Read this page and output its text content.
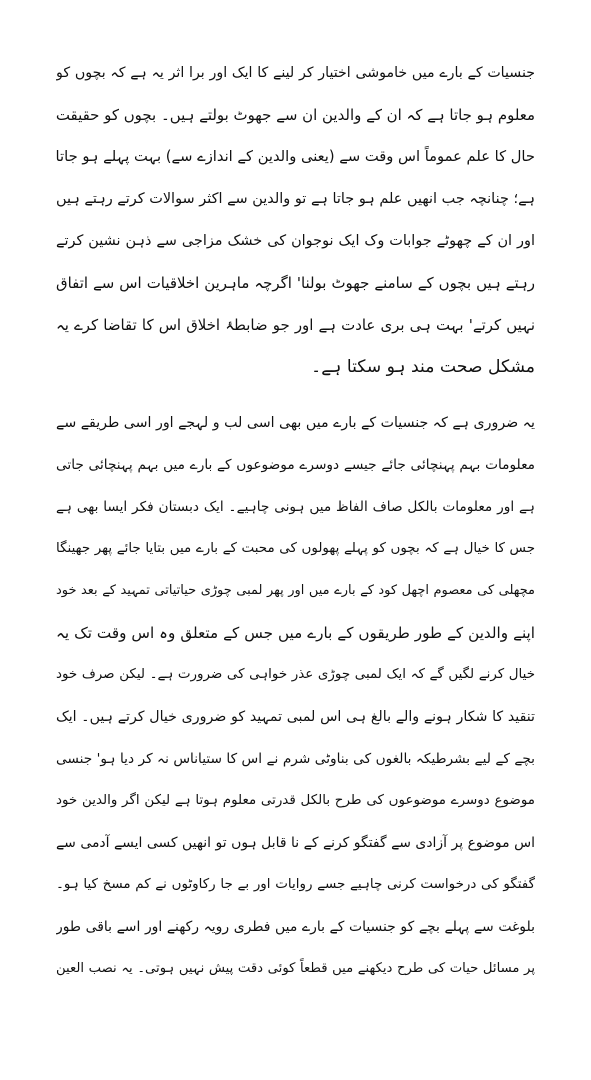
جنسیات کے بارے میں خاموشی اختیار کر لینے کا ایک اور برا اثر یہ ہے کہ بچوں کو
معلوم ہو جاتا ہے کہ ان کے والدین ان سے جھوٹ بولتے ہیں۔ بچوں کو حقیقت
حال کا علم عموماً اس وقت سے (یعنی والدین کے اندازے سے) بہت پہلے ہو جاتا
ہے؛ چنانچہ جب انھیں علم ہو جاتا ہے تو والدین سے اکثر سوالات کرتے رہتے ہیں
اور ان کے چھوٹے جوابات وک ایک نوجوان کی خشک مزاجی سے ذہن نشین کرتے
رہتے ہیں بچوں کے سامنے جھوٹ بولنا' اگرچہ ماہرین اخلاقیات اس سے اتفاق
نہیں کرتے' بہت ہی بری عادت ہے اور جو ضابطۂ اخلاق اس کا تقاضا کرے یہ
مشکل صحت مند ہو سکتا ہے۔
یہ ضروری ہے کہ جنسیات کے بارے میں بھی اسی لب و لہجے اور اسی طریقے سے
معلومات بہم پہنچائی جائے جیسے دوسرے موضوعوں کے بارے میں بہم پہنچائی جاتی
ہے اور معلومات بالکل صاف الفاظ میں ہونی چاہیے۔ ایک دبستان فکر ایسا بھی ہے
جس کا خیال ہے کہ بچوں کو پہلے پھولوں کی محبت کے بارے میں بتایا جائے پھر جھینگا
مچھلی کی معصوم اچھل کود کے بارے میں اور پھر لمبی چوڑی حیاتیاتی تمہید کے بعد خود
اپنے والدین کے طور طریقوں کے بارے میں جس کے متعلق وہ اس وقت تک یہ
خیال کرنے لگیں گے کہ ایک لمبی چوڑی عذر خواہی کی ضرورت ہے۔ لیکن صرف خود
تنقید کا شکار ہونے والے بالغ ہی اس لمبی تمہید کو ضروری خیال کرتے ہیں۔ ایک
بچے کے لیے بشرطیکہ بالغوں کی بناوٹی شرم نے اس کا ستیاناس نہ کر دیا ہو' جنسی
موضوع دوسرے موضوعوں کی طرح بالکل قدرتی معلوم ہوتا ہے لیکن اگر والدین خود
اس موضوع پر آزادی سے گفتگو کرنے کے نا قابل ہوں تو انھیں کسی ایسے آدمی سے
گفتگو کی درخواست کرنی چاہیے جسے روایات اور بے جا رکاوٹوں نے کم مسخ کیا ہو۔
بلوغت سے پہلے بچے کو جنسیات کے بارے میں فطری رویہ رکھنے اور اسے باقی طور
پر مسائل حیات کی طرح دیکھنے میں قطعاً کوئی دقت پیش نہیں ہوتی۔ یہ نصب العین
